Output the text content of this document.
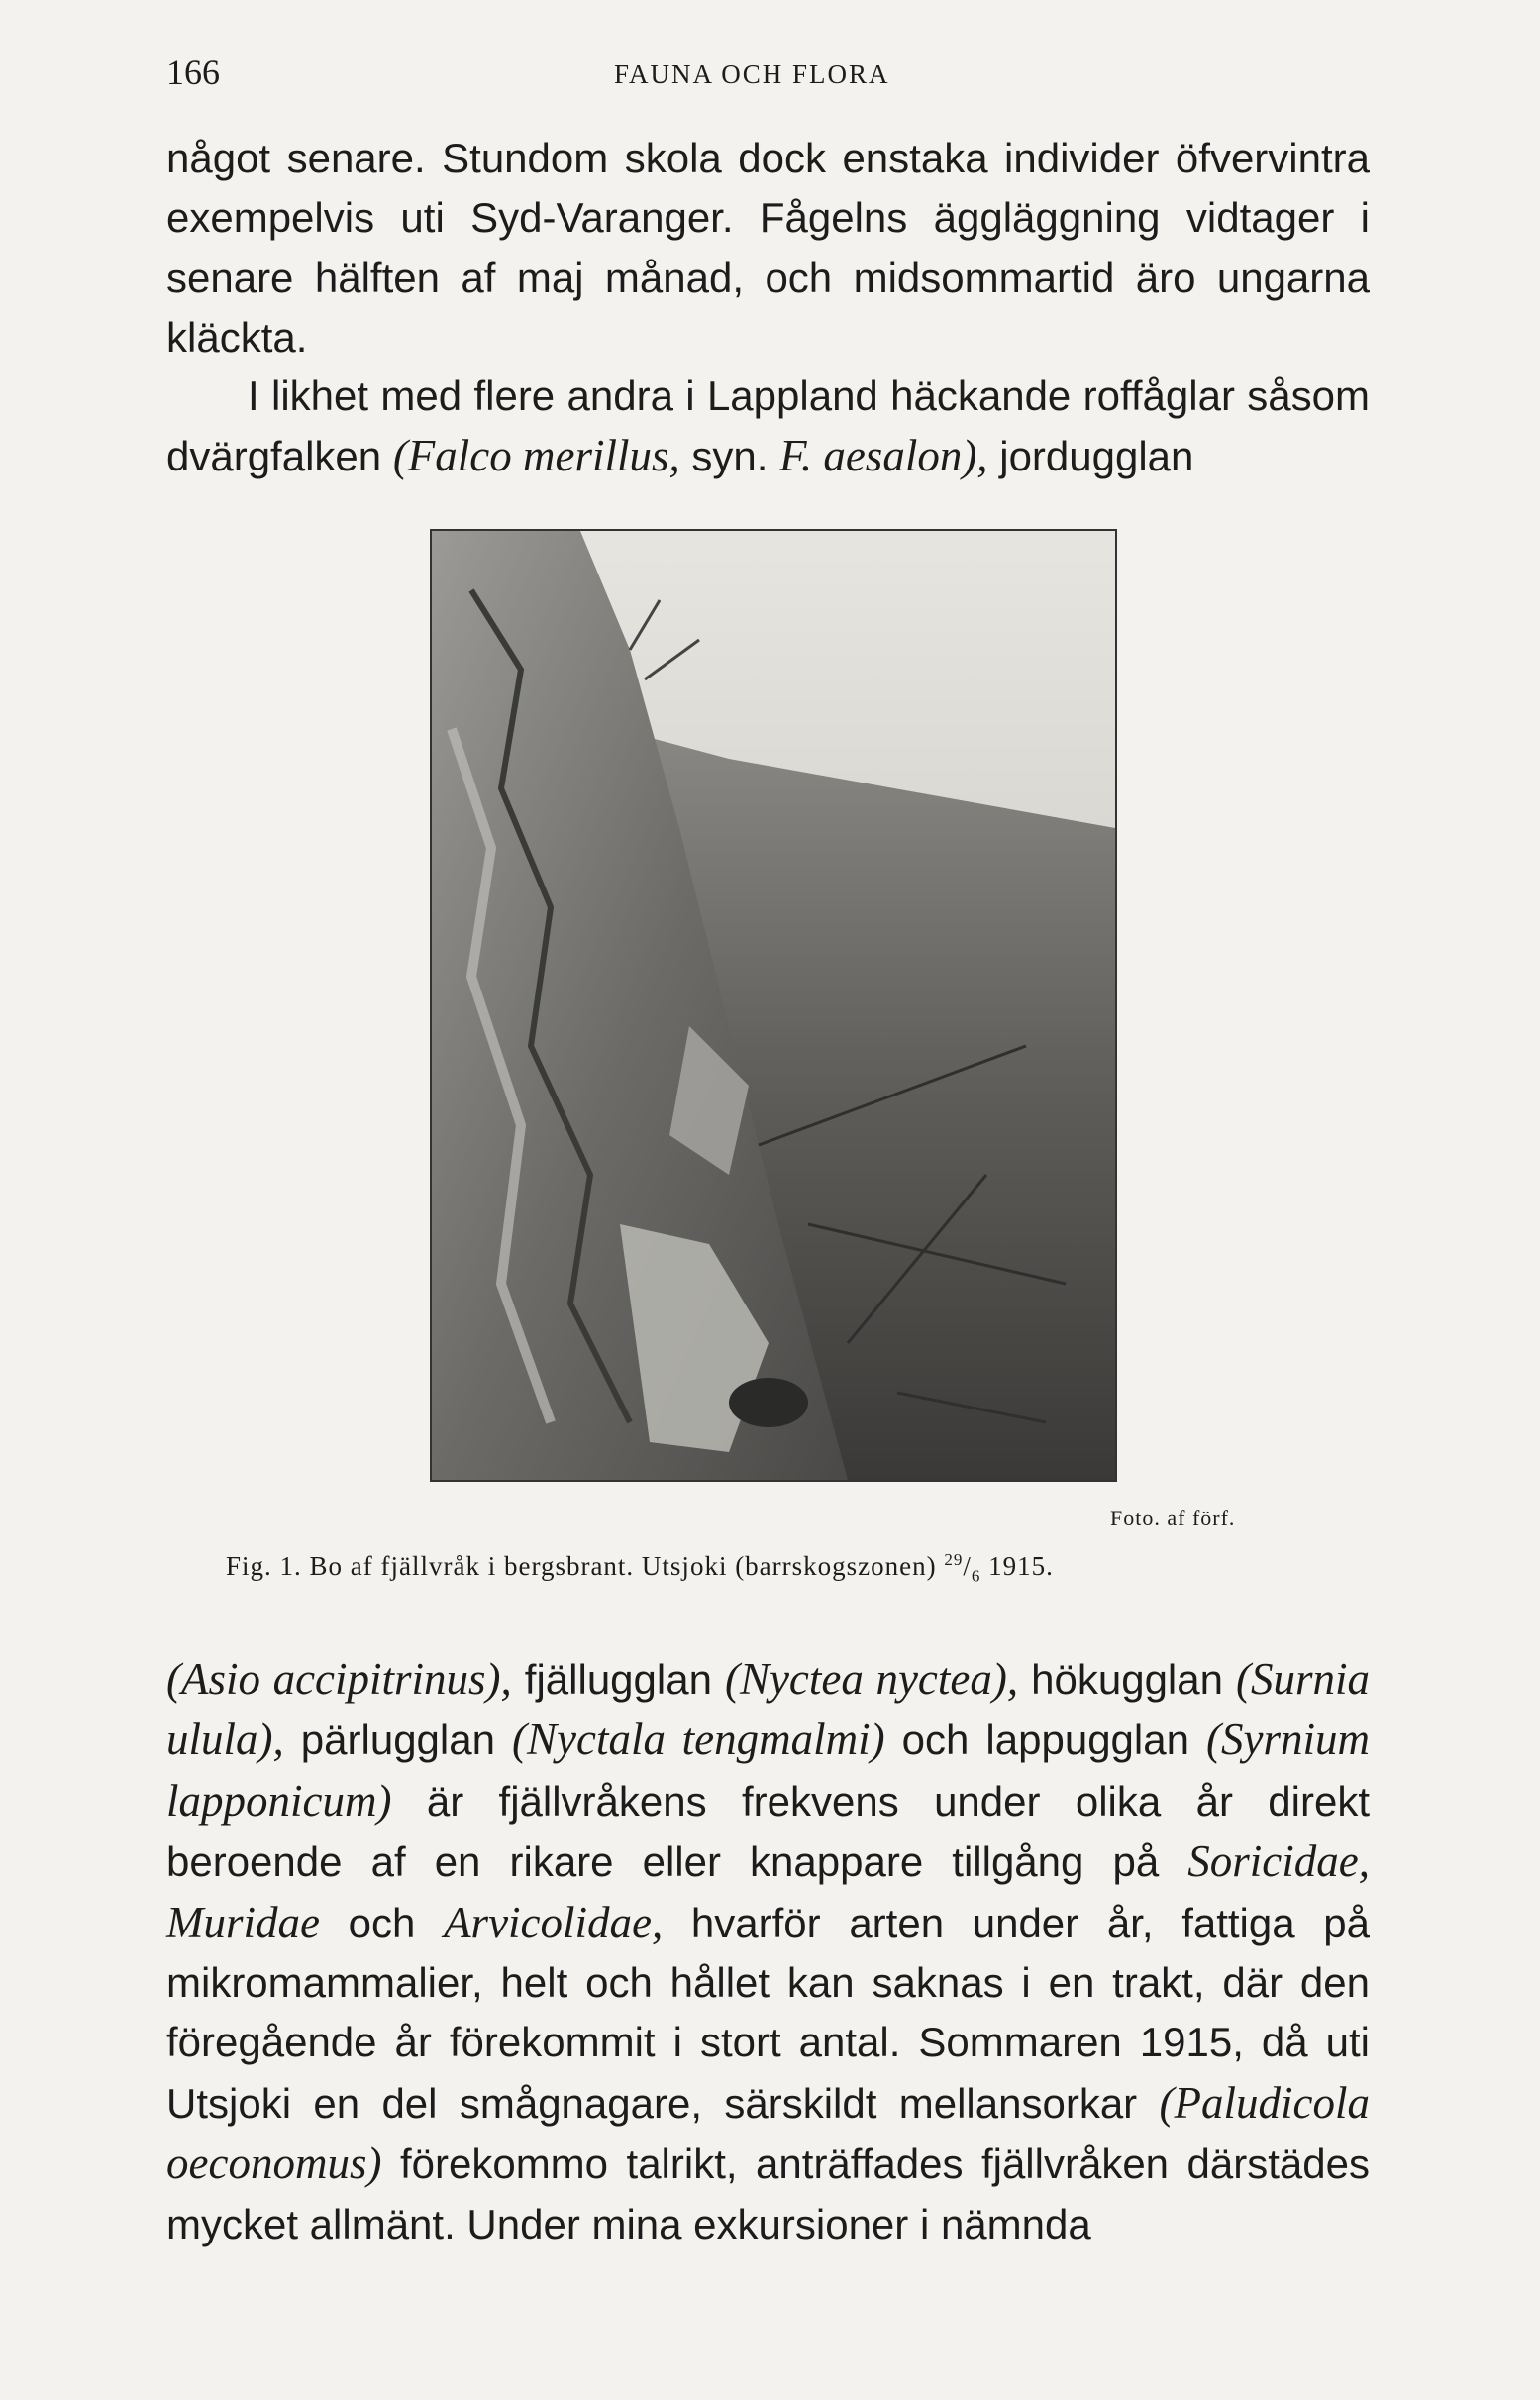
166	FAUNA OCH FLORA

något senare. Stundom skola dock enstaka individer öfvervintra exempelvis uti Syd-Varanger. Fågelns äggläggning vidtager i senare hälften af maj månad, och midsommartid äro ungarna kläckta.

I likhet med flere andra i Lappland häckande roffåglar såsom dvärgfalken (Falco merillus, syn. F. aesalon), jordugglan

Foto. af förf.
Fig. 1. Bo af fjällvråk i bergsbrant. Utsjoki (barrskogszonen) $^{29}/_6$ 1915.

(Asio accipitrinus), fjällugglan (Nyctea nyctea), hökugglan (Surnia ulula), pärlugglan (Nyctala tengmalmi) och lappugglan (Syrnium lapponicum) är fjällvråkens frekvens under olika år direkt beroende af en rikare eller knappare tillgång på Soricidae, Muridae och Arvicolidae, hvarför arten under år, fattiga på mikromammalier, helt och hållet kan saknas i en trakt, där den föregående år förekommit i stort antal. Sommaren 1915, då uti Utsjoki en del smågnagare, särskildt mellansorkar (Paludicola oeconomus) förekommo talrikt, anträffades fjällvråken därstädes mycket allmänt. Under mina exkursioner i nämnda
